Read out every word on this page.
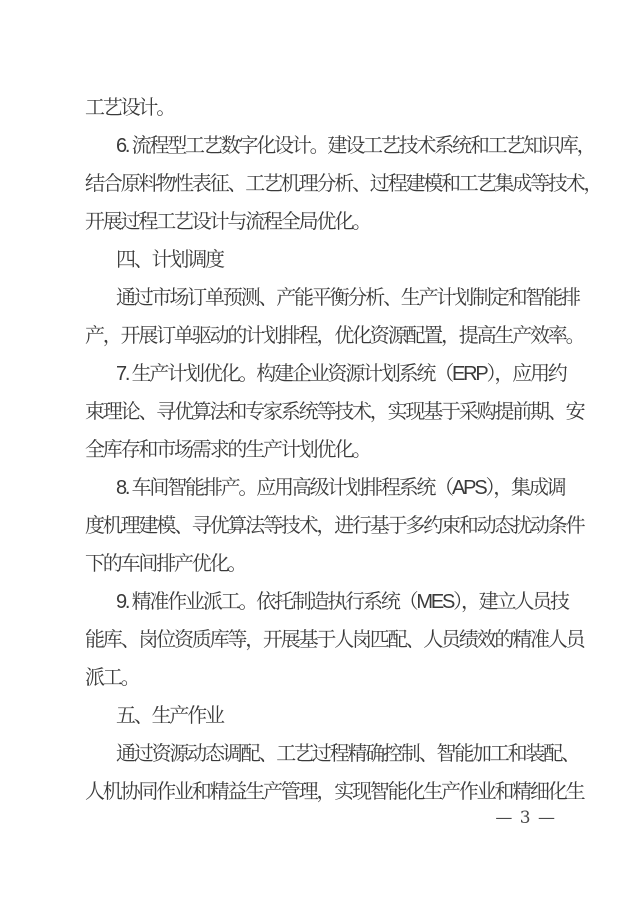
工艺设计。
6. 流程型工艺数字化设计。建设工艺技术系统和工艺知识库，
结合原料物性表征、工艺机理分析、过程建模和工艺集成等技术，
开展过程工艺设计与流程全局优化。
四、计划调度
通过市场订单预测、产能平衡分析、生产计划制定和智能排
产，开展订单驱动的计划排程，优化资源配置，提高生产效率。
7. 生产计划优化。构建企业资源计划系统（ERP），应用约
束理论、寻优算法和专家系统等技术，实现基于采购提前期、安
全库存和市场需求的生产计划优化。
8. 车间智能排产。应用高级计划排程系统（APS），集成调
度机理建模、寻优算法等技术，进行基于多约束和动态扰动条件
下的车间排产优化。
9. 精准作业派工。依托制造执行系统（MES），建立人员技
能库、岗位资质库等，开展基于人岗匹配、人员绩效的精准人员
派工。
五、生产作业
通过资源动态调配、工艺过程精确控制、智能加工和装配、
人机协同作业和精益生产管理，实现智能化生产作业和精细化生
— 3 —
